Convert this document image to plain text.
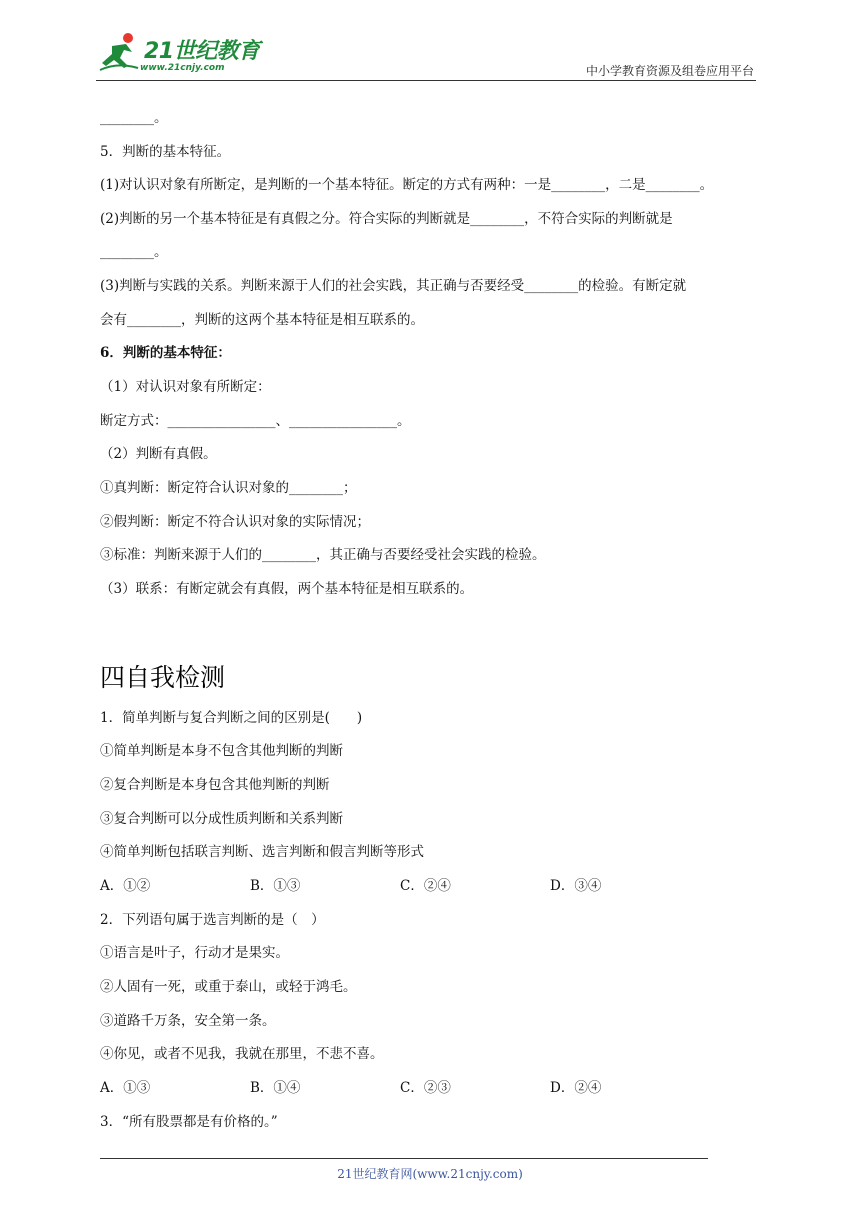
21世纪教育
www.21cnjy.com	中小学教育资源及组卷应用平台
________。
5．判断的基本特征。
(1)对认识对象有所断定，是判断的一个基本特征。断定的方式有两种：一是________，二是________。
(2)判断的另一个基本特征是有真假之分。符合实际的判断就是________，不符合实际的判断就是
________。
(3)判断与实践的关系。判断来源于人们的社会实践，其正确与否要经受________的检验。有断定就
会有________，判断的这两个基本特征是相互联系的。
6．判断的基本特征：
（1）对认识对象有所断定：
断定方式：________________、________________。
（2）判断有真假。
①真判断：断定符合认识对象的________；
②假判断：断定不符合认识对象的实际情况；
③标准：判断来源于人们的________，其正确与否要经受社会实践的检验。
（3）联系：有断定就会有真假，两个基本特征是相互联系的。
四自我检测
1．简单判断与复合判断之间的区别是(　　)
①简单判断是本身不包含其他判断的判断
②复合判断是本身包含其他判断的判断
③复合判断可以分成性质判断和关系判断
④简单判断包括联言判断、选言判断和假言判断等形式
A．①②	B．①③	C．②④	D．③④
2．下列语句属于选言判断的是（　）
①语言是叶子，行动才是果实。
②人固有一死，或重于泰山，或轻于鸿毛。
③道路千万条，安全第一条。
④你见，或者不见我，我就在那里，不悲不喜。
A．①③	B．①④	C．②③	D．②④
3．“所有股票都是有价格的。”
21世纪教育网(www.21cnjy.com)
